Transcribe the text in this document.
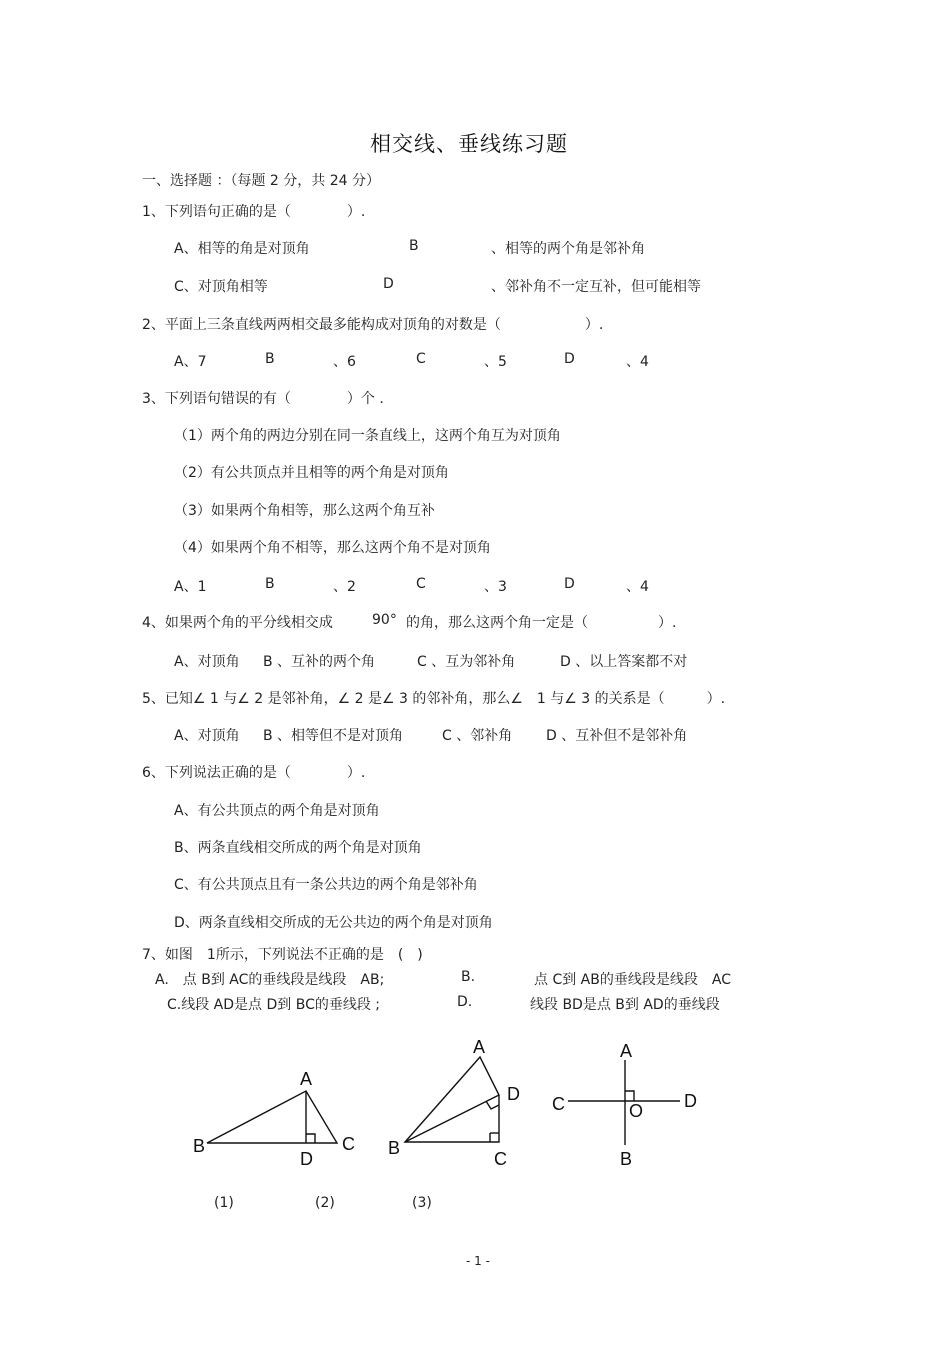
相交线、垂线练习题
一、选择题 ：（每题 2 分，共 24 分）
1、下列语句正确的是（　　　　）.
A、相等的角是对顶角	B	、相等的两个角是邻补角
C、对顶角相等	D	、邻补角不一定互补，但可能相等
2、平面上三条直线两两相交最多能构成对顶角的对数是（　　　　　　）.
A、7	B	、6	C	、5	D	、4
3、下列语句错误的有（　　　　）个 .
（1）两个角的两边分别在同一条直线上，这两个角互为对顶角
（2）有公共顶点并且相等的两个角是对顶角
（3）如果两个角相等，那么这两个角互补
（4）如果两个角不相等，那么这两个角不是对顶角
A、1	B	、2	C	、3	D	、4
4、如果两个角的平分线相交成	90° 的角，那么这两个角一定是（　　　　　）.
A、对顶角 B 、互补的两个角	C 、互为邻补角	D 、以上答案都不对
5、已知∠ 1 与∠ 2 是邻补角，∠ 2 是∠ 3 的邻补角，那么∠　1 与∠ 3 的关系是（　　　）.
A、对顶角 B 、相等但不是对顶角	C 、邻补角 D 、互补但不是邻补角
6、下列说法正确的是（　　　　）.
A、有公共顶点的两个角是对顶角
B、两条直线相交所成的两个角是对顶角
C、有公共顶点且有一条公共边的两个角是邻补角
D、两条直线相交所成的无公共边的两个角是对顶角
7、如图　1所示，下列说法不正确的是　(　)
A.　点 B到 AC的垂线段是线段　AB;	B.	点 C到 AB的垂线段是线段　AC
C.线段 AD是点 D到 BC的垂线段 ;	D.	线段 BD是点 B到 AD的垂线段
A
B	C
D
A
B
C
D
A
B
C	D
O
(1)	(2)	(3)
- 1 -
